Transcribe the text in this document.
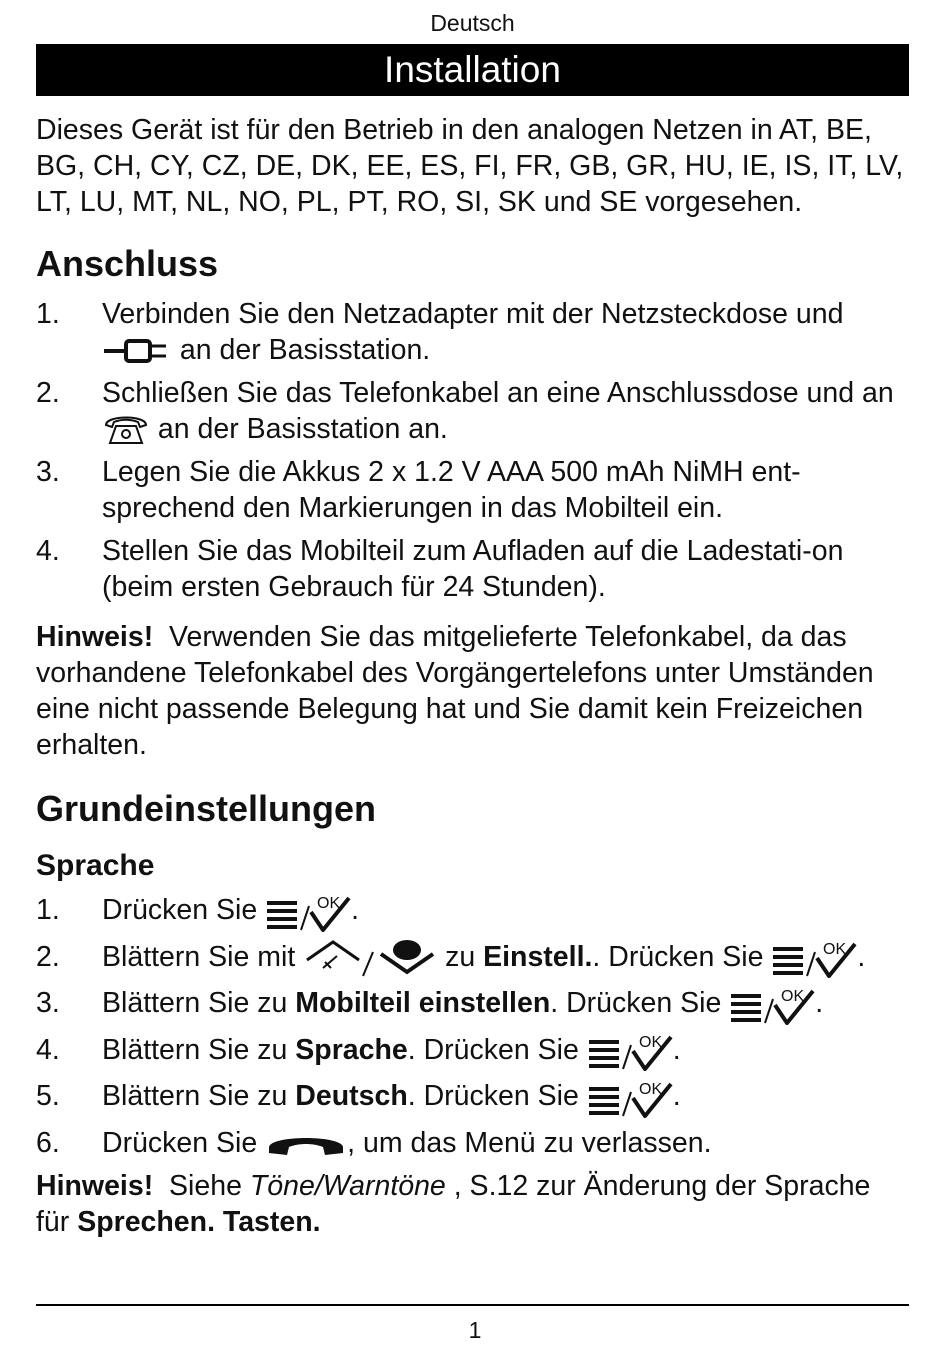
Deutsch
Installation
Dieses Gerät ist für den Betrieb in den analogen Netzen in AT, BE, BG, CH, CY, CZ, DE, DK, EE, ES, FI, FR, GB, GR, HU, IE, IS, IT, LV, LT, LU, MT, NL, NO, PL, PT, RO, SI, SK und SE vorgesehen.
Anschluss
1.	Verbinden Sie den Netzadapter mit der Netzsteckdose und
an der Basisstation.
2.	Schließen Sie das Telefonkabel an eine Anschlussdose und an
an der Basisstation an.
3.	Legen Sie die Akkus 2 x 1.2 V AAA 500 mAh NiMH ent-sprechend den Markierungen in das Mobilteil ein.
4.	Stellen Sie das Mobilteil zum Aufladen auf die Ladestati-on (beim ersten Gebrauch für 24 Stunden).
Hinweis! Verwenden Sie das mitgelieferte Telefonkabel, da das vorhandene Telefonkabel des Vorgängertelefons unter Umständen eine nicht passende Belegung hat und Sie damit kein Freizeichen erhalten.
Grundeinstellungen
Sprache
1.	Drücken Sie	.
2.	Blättern Sie mit	zu Einstell.. Drücken Sie	.
3.	Blättern Sie zu Mobilteil einstellen. Drücken Sie	.
4.	Blättern Sie zu Sprache. Drücken Sie	.
5.	Blättern Sie zu Deutsch. Drücken Sie	.
6.	Drücken Sie	, um das Menü zu verlassen.
Hinweis! Siehe Töne/Warntöne , S.12 zur Änderung der Sprache für Sprechen. Tasten.
1
